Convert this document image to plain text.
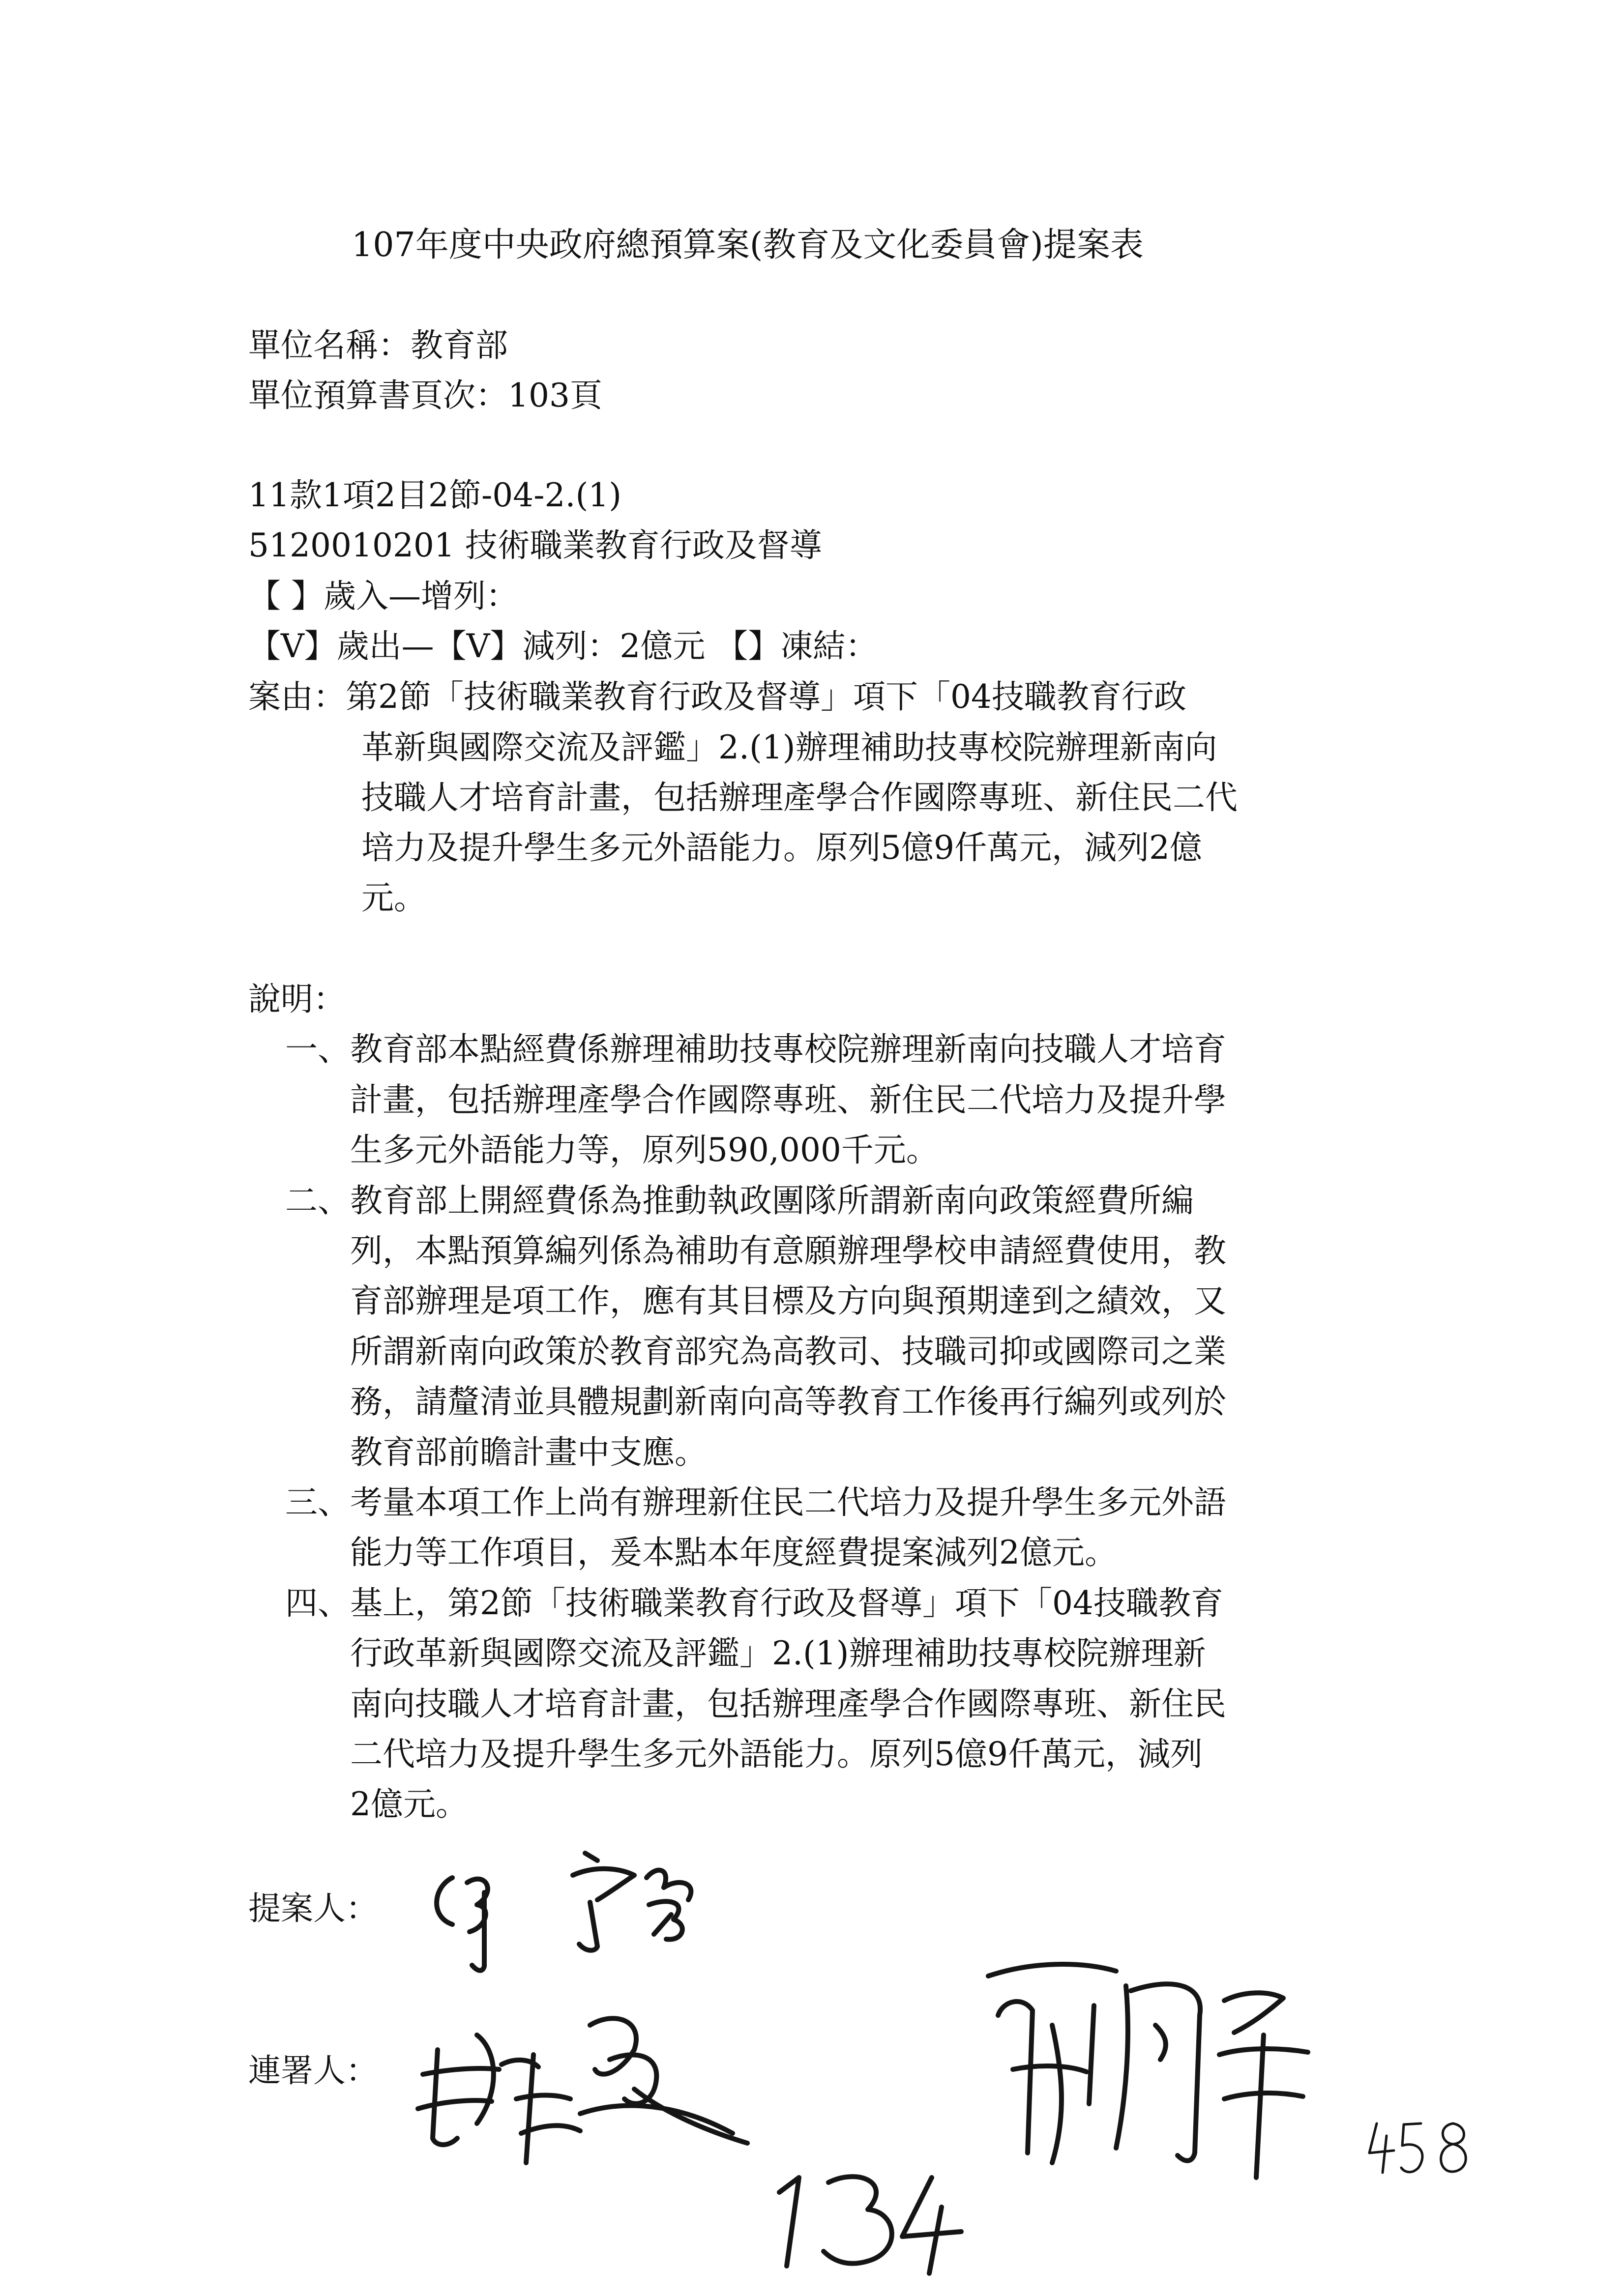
107年度中央政府總預算案(教育及文化委員會)提案表
單位名稱：教育部
單位預算書頁次：103頁
11款1項2目2節-04-2.(1)
5120010201 技術職業教育行政及督導
【 】歲入—增列：
【V】歲出—【V】減列：2億元 【】凍結：
案由：第2節「技術職業教育行政及督導」項下「04技職教育行政
革新與國際交流及評鑑」2.(1)辦理補助技專校院辦理新南向
技職人才培育計畫，包括辦理產學合作國際專班、新住民二代
培力及提升學生多元外語能力。原列5億9仟萬元，減列2億
元。
說明：
一、教育部本點經費係辦理補助技專校院辦理新南向技職人才培育
計畫，包括辦理產學合作國際專班、新住民二代培力及提升學
生多元外語能力等，原列590,000千元。
二、教育部上開經費係為推動執政團隊所謂新南向政策經費所編
列，本點預算編列係為補助有意願辦理學校申請經費使用，教
育部辦理是項工作，應有其目標及方向與預期達到之績效，又
所謂新南向政策於教育部究為高教司、技職司抑或國際司之業
務，請釐清並具體規劃新南向高等教育工作後再行編列或列於
教育部前瞻計畫中支應。
三、考量本項工作上尚有辦理新住民二代培力及提升學生多元外語
能力等工作項目，爰本點本年度經費提案減列2億元。
四、基上，第2節「技術職業教育行政及督導」項下「04技職教育
行政革新與國際交流及評鑑」2.(1)辦理補助技專校院辦理新
南向技職人才培育計畫，包括辦理產學合作國際專班、新住民
二代培力及提升學生多元外語能力。原列5億9仟萬元，減列
2億元。
提案人：
連署人：
